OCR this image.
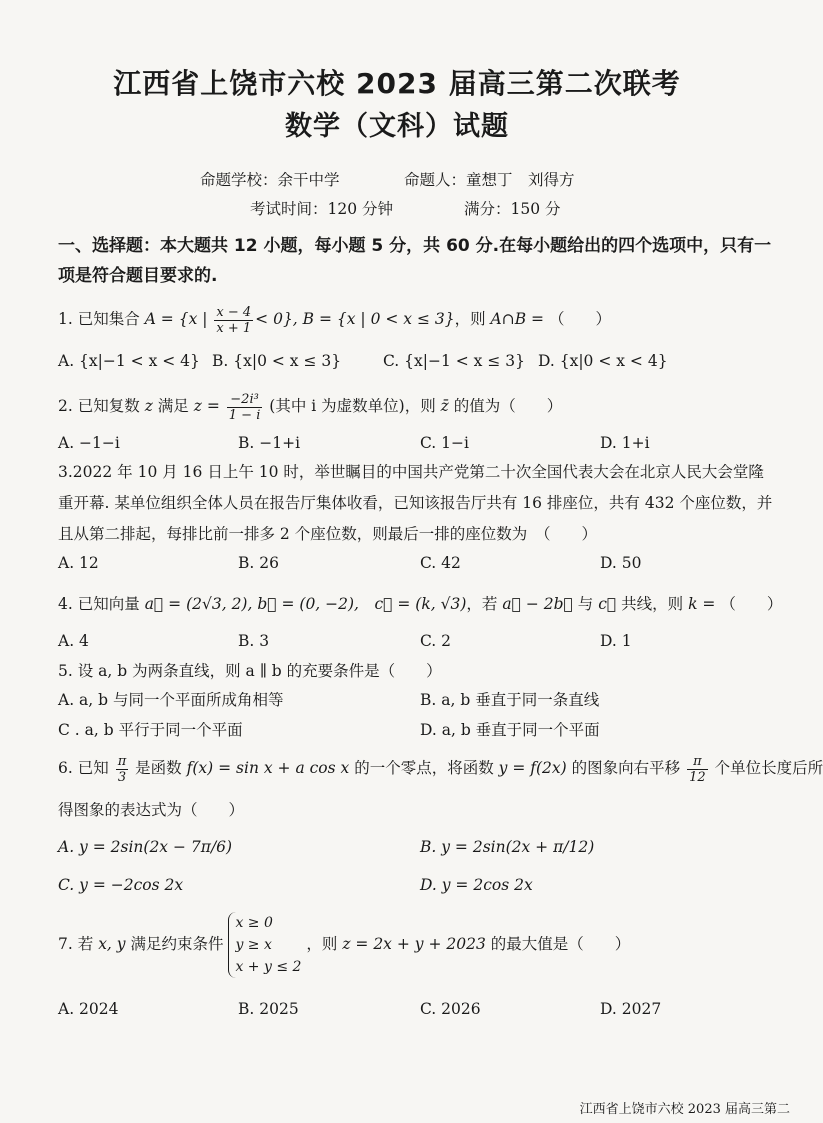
江西省上饶市六校 2023 届高三第二次联考
数学（文科）试题
命题学校：余干中学	命题人：童想丁　刘得方
考试时间：120 分钟	满分：150 分
一、选择题：本大题共 12 小题，每小题 5 分，共 60 分.在每小题给出的四个选项中，只有一项是符合题目要求的.
1. 已知集合 A = {x | $\frac{x - 4}{x + 1} < 0$}, B = {x | 0 < x ≤ 3}，则 A∩B = （　　）
A. {x|−1 < x < 4} B. {x|0 < x ≤ 3}	C. {x|−1 < x ≤ 3} D. {x|0 < x < 4}
2. 已知复数 z 满足 $z = \frac{\text{−2i³}}{1 - i}$ (其中 i 为虚数单位)，则 z̄ 的值为（　　）
A. −1−i	B. −1+i	C. 1−i	D. 1+i
3.2022 年 10 月 16 日上午 10 时，举世瞩目的中国共产党第二十次全国代表大会在北京人民大会堂隆重开幕. 某单位组织全体人员在报告厅集体收看，已知该报告厅共有 16 排座位，共有 432 个座位数，并且从第二排起，每排比前一排多 2 个座位数，则最后一排的座位数为　（　　）
A. 12	B. 26	C. 42	D. 50
4. 已知向量 a⃗ = (2√3, 2), b⃗ = (0, −2),　c⃗ = (k, √3)，若 a⃗ − 2b⃗ 与 c⃗ 共线，则 k = （　　）
A. 4	B. 3	C. 2	D. 1
5. 设 a, b 为两条直线，则 a ∥ b 的充要条件是（　　）
A. a, b 与同一个平面所成角相等	B. a, b 垂直于同一条直线
C . a, b 平行于同一个平面	D. a, b 垂直于同一个平面
6. 已知 $\frac{\pi}{3}$ 是函数 f(x) = sin x + a cos x 的一个零点，将函数 y = f(2x) 的图象向右平移 $\frac{\pi}{12}$ 个单位长度后所
得图象的表达式为（　　）
A. y = 2sin(2x − 7π/6)	B. y = 2sin(2x + π/12)
C. y = −2cos 2x	D. y = 2cos 2x
7. 若 x, y 满足约束条件
x ≥ 0
y ≥ x
x + y ≤ 2
，则 z = 2x + y + 2023 的最大值是（　　）
A. 2024	B. 2025	C. 2026	D. 2027
江西省上饶市六校 2023 届高三第二
